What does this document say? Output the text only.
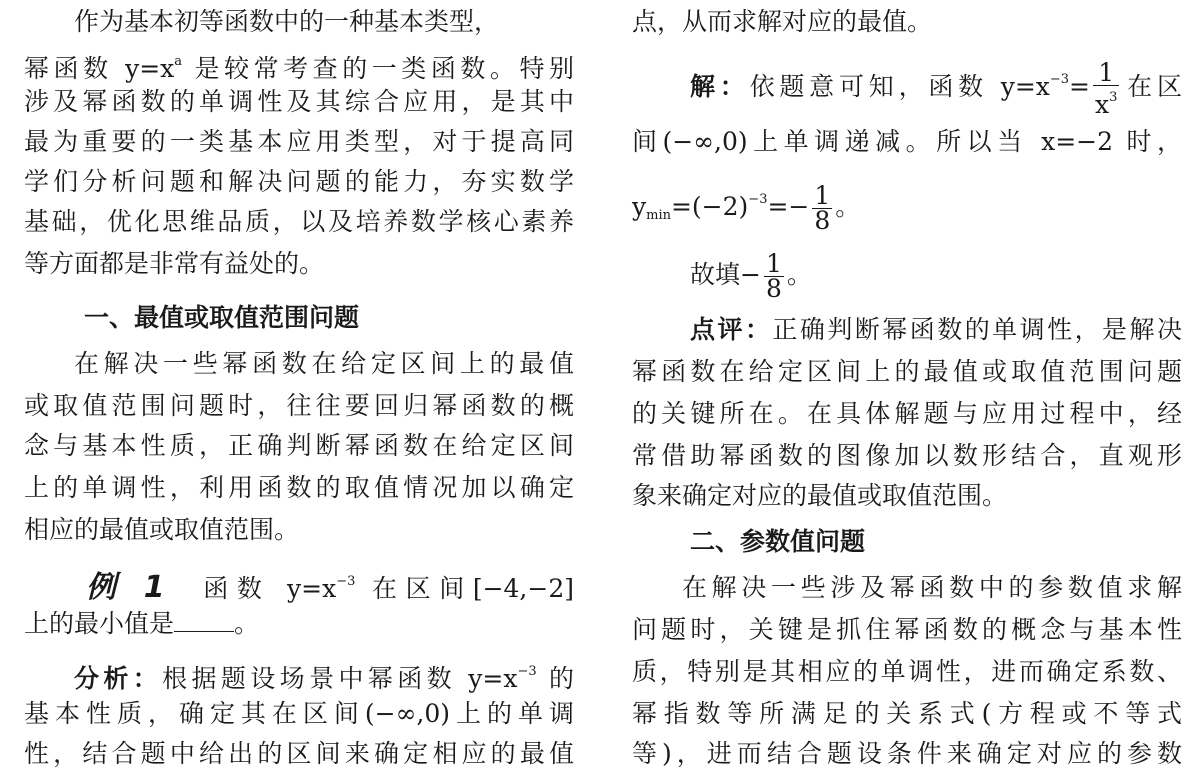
作为基本初等函数中的一种基本类型，
幂函数 $y=x^a$ 是较常考查的一类函数。特别
涉及幂函数的单调性及其综合应用，是其中
最为重要的一类基本应用类型，对于提高同
学们分析问题和解决问题的能力，夯实数学
基础，优化思维品质，以及培养数学核心素养
等方面都是非常有益处的。
一、最值或取值范围问题
在解决一些幂函数在给定区间上的最值
或取值范围问题时，往往要回归幂函数的概
念与基本性质，正确判断幂函数在给定区间
上的单调性，利用函数的取值情况加以确定
相应的最值或取值范围。
例 1 函数 $y=x^{-3}$ 在区间[−4,−2]
上的最小值是 。
分析：根据题设场景中幂函数 $y=x^{-3}$ 的
基本性质，确定其在区间(−∞,0)上的单调
性，结合题中给出的区间来确定相应的最值
点，从而求解对应的最值。
解：依题意可知，函数 $y=x^{-3}= \frac{1}{x^3}$ 在区
间(−∞,0)上单调递减。所以当 x=−2 时，
$y_{min}=(-2)^{-3}=- \frac{1}{8}$ 。
故填− $\frac{1}{8}$ 。
点评：正确判断幂函数的单调性，是解决
幂函数在给定区间上的最值或取值范围问题
的关键所在。在具体解题与应用过程中，经
常借助幂函数的图像加以数形结合，直观形
象来确定对应的最值或取值范围。
二、参数值问题
在解决一些涉及幂函数中的参数值求解
问题时，关键是抓住幂函数的概念与基本性
质，特别是其相应的单调性，进而确定系数、
幂指数等所满足的关系式(方程或不等式
等)，进而结合题设条件来确定对应的参数
